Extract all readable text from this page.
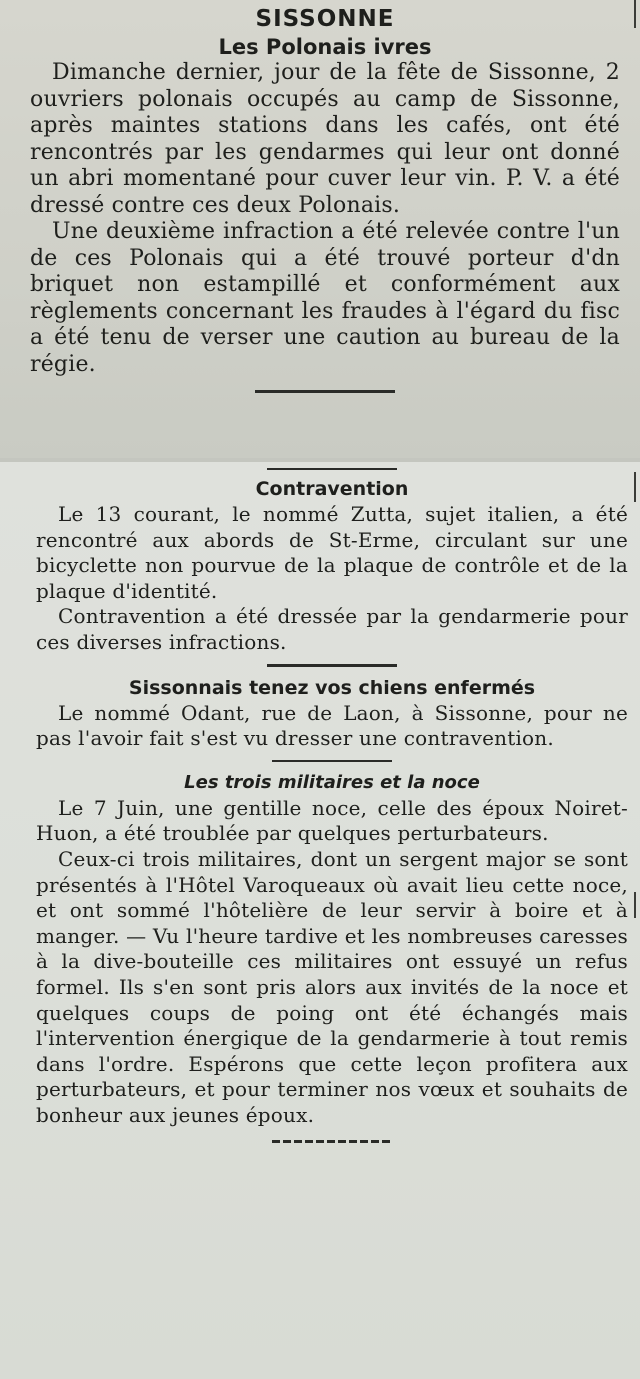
SISSONNE
Les Polonais ivres

Dimanche dernier, jour de la fête de Sissonne, 2 ouvriers polonais occupés au camp de Sissonne, après maintes stations dans les cafés, ont été rencontrés par les gendarmes qui leur ont donné un abri momentané pour cuver leur vin. P. V. a été dressé contre ces deux Polonais.

Une deuxième infraction a été relevée contre l'un de ces Polonais qui a été trouvé porteur d'dn briquet non estampillé et conformément aux règlements concernant les fraudes à l'égard du fisc a été tenu de verser une caution au bureau de la régie.

Contravention

Le 13 courant, le nommé Zutta, sujet italien, a été rencontré aux abords de St-Erme, circulant sur une bicyclette non pourvue de la plaque de contrôle et de la plaque d'identité.

Contravention a été dressée par la gendarmerie pour ces diverses infractions.

Sissonnais tenez vos chiens enfermés

Le nommé Odant, rue de Laon, à Sissonne, pour ne pas l'avoir fait s'est vu dresser une contravention.

Les trois militaires et la noce

Le 7 Juin, une gentille noce, celle des époux Noiret-Huon, a été troublée par quelques perturbateurs.

Ceux-ci trois militaires, dont un sergent major se sont présentés à l'Hôtel Varoqueaux où avait lieu cette noce, et ont sommé l'hôtelière de leur servir à boire et à manger. — Vu l'heure tardive et les nombreuses caresses à la dive-bouteille ces militaires ont essuyé un refus formel. Ils s'en sont pris alors aux invités de la noce et quelques coups de poing ont été échangés mais l'intervention énergique de la gendarmerie à tout remis dans l'ordre. Espérons que cette leçon profitera aux perturbateurs, et pour terminer nos vœux et souhaits de bonheur aux jeunes époux.
